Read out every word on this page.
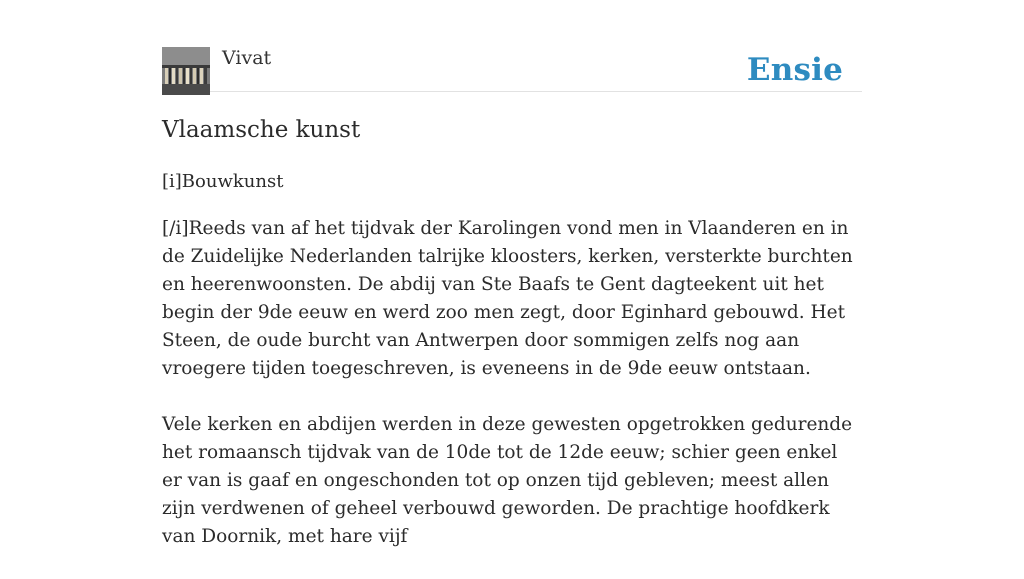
Vivat	Ensie
Vlaamsche kunst
[i]Bouwkunst

[/i]Reeds van af het tijdvak der Karolingen vond men in Vlaanderen en in de Zuidelijke Nederlanden talrijke kloosters, kerken, versterkte burchten en heerenwoonsten. De abdij van Ste Baafs te Gent dagteekent uit het begin der 9de eeuw en werd zoo men zegt, door Eginhard gebouwd. Het Steen, de oude burcht van Antwerpen door sommigen zelfs nog aan vroegere tijden toegeschreven, is eveneens in de 9de eeuw ontstaan.

Vele kerken en abdijen werden in deze gewesten opgetrokken gedurende het romaansch tijdvak van de 10de tot de 12de eeuw; schier geen enkel er van is gaaf en ongeschonden tot op onzen tijd gebleven; meest allen zijn verdwenen of geheel verbouwd geworden. De prachtige hoofdkerk van Doornik, met hare vijf
